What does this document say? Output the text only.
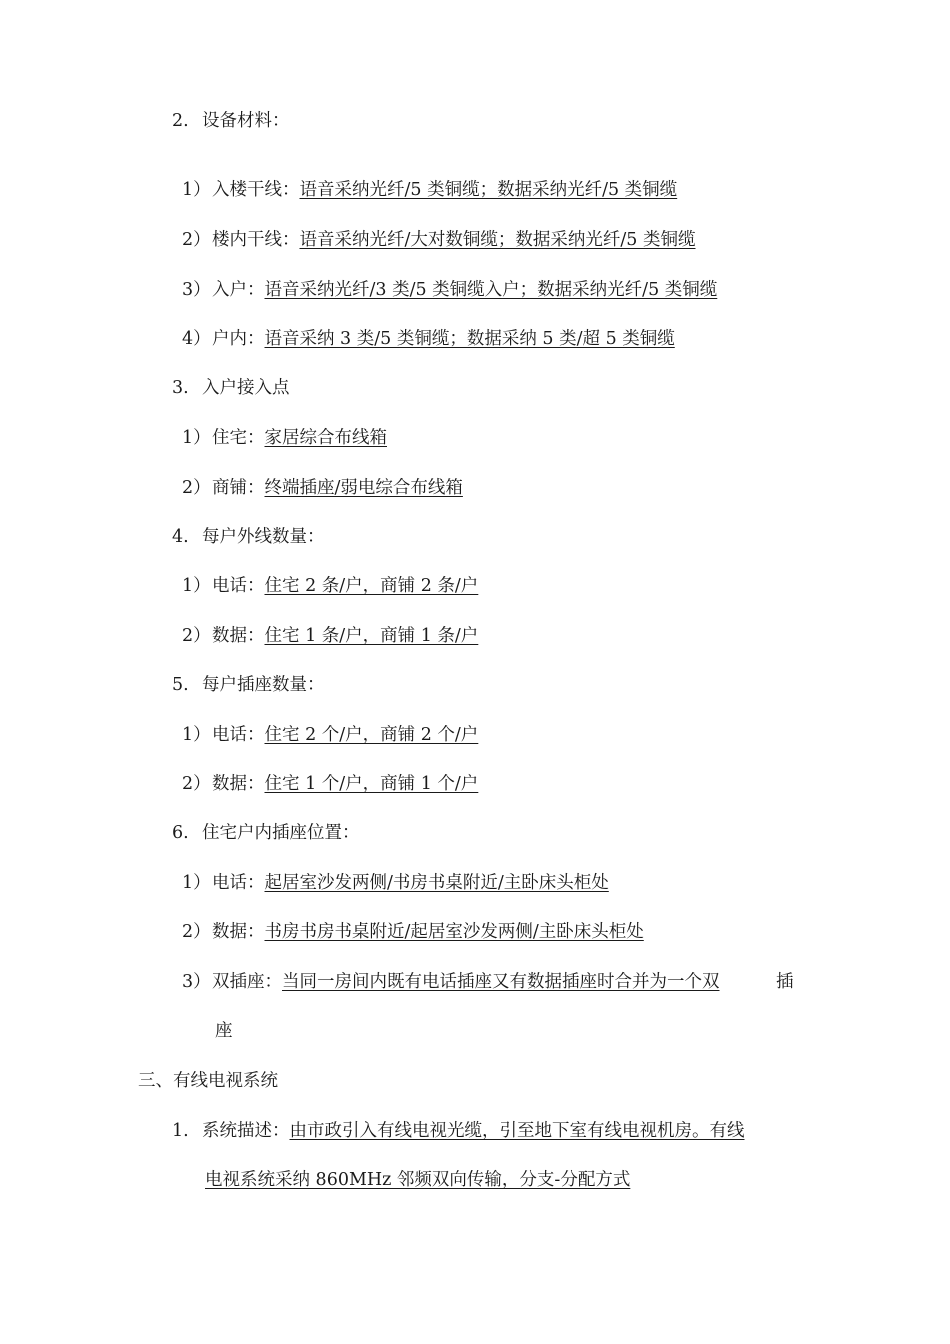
2. 设备材料：
1）入楼干线：语音采纳光纤/5 类铜缆；数据采纳光纤/5 类铜缆
2）楼内干线：语音采纳光纤/大对数铜缆；数据采纳光纤/5 类铜缆
3）入户：语音采纳光纤/3 类/5 类铜缆入户；数据采纳光纤/5 类铜缆
4）户内：语音采纳 3 类/5 类铜缆；数据采纳 5 类/超 5 类铜缆
3. 入户接入点
1）住宅：家居综合布线箱
2）商铺：终端插座/弱电综合布线箱
4. 每户外线数量：
1）电话：住宅 2 条/户，商铺 2 条/户
2）数据：住宅 1 条/户，商铺 1 条/户
5. 每户插座数量：
1）电话：住宅 2 个/户，商铺 2 个/户
2）数据：住宅 1 个/户，商铺 1 个/户
6. 住宅户内插座位置：
1）电话：起居室沙发两侧/书房书桌附近/主卧床头柜处
2）数据：书房书房书桌附近/起居室沙发两侧/主卧床头柜处
3）双插座：当同一房间内既有电话插座又有数据插座时合并为一个双	插
座
三、有线电视系统
1. 系统描述：由市政引入有线电视光缆，引至地下室有线电视机房。有线
电视系统采纳 860MHz 邻频双向传输，分支-分配方式
